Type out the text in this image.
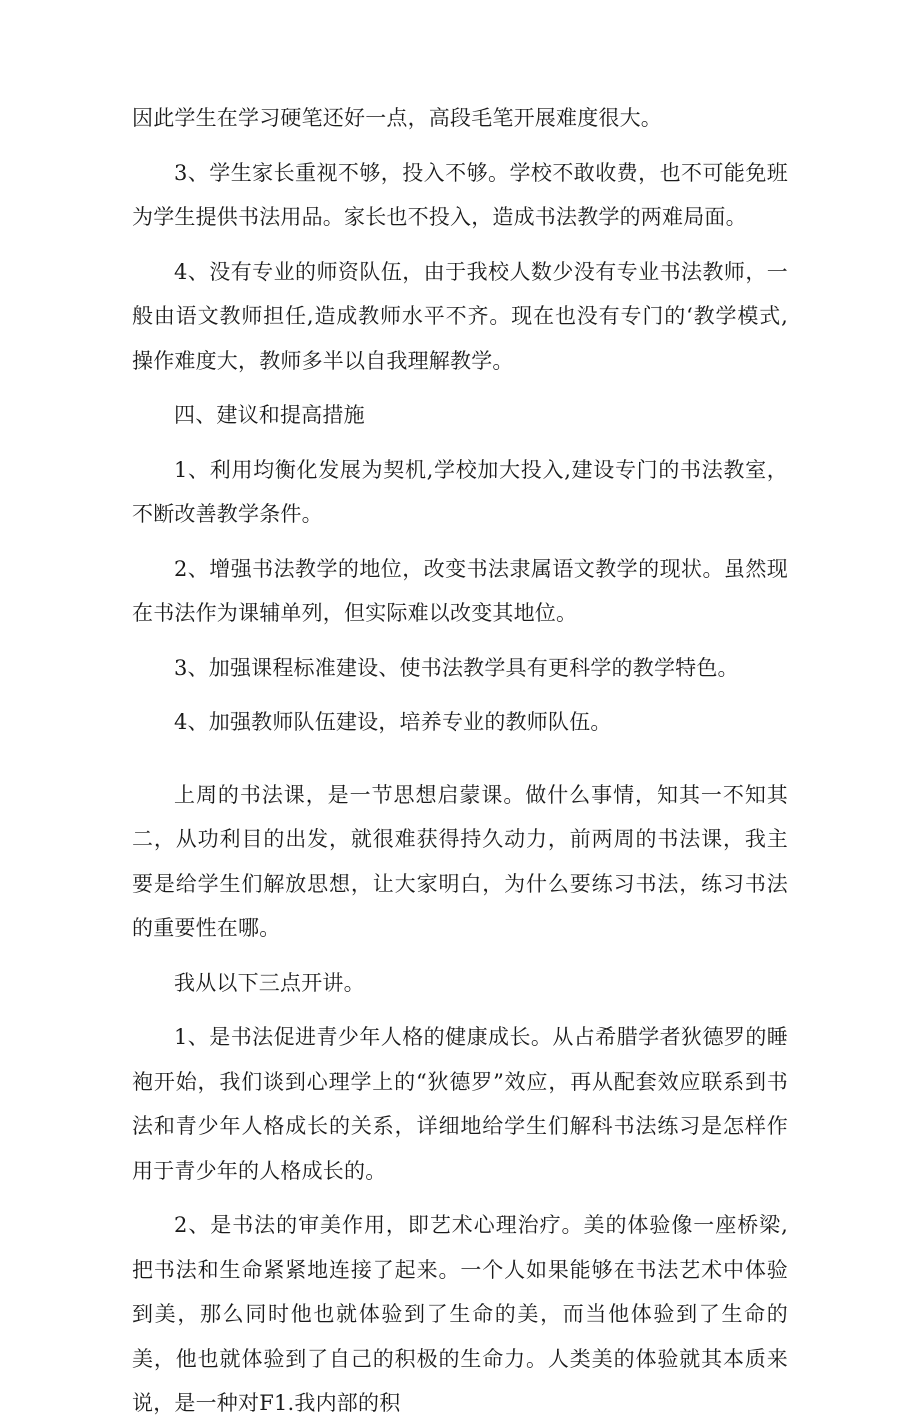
因此学生在学习硬笔还好一点，高段毛笔开展难度很大。

3、学生家长重视不够，投入不够。学校不敢收费，也不可能免班为学生提供书法用品。家长也不投入，造成书法教学的两难局面。

4、没有专业的师资队伍，由于我校人数少没有专业书法教师，一般由语文教师担任,造成教师水平不齐。现在也没有专门的‘教学模式,操作难度大，教师多半以自我理解教学。

四、建议和提高措施

1、利用均衡化发展为契机,学校加大投入,建设专门的书法教室，不断改善教学条件。

2、增强书法教学的地位，改变书法隶属语文教学的现状。虽然现在书法作为课辅单列，但实际难以改变其地位。

3、加强课程标准建设、使书法教学具有更科学的教学特色。

4、加强教师队伍建设，培养专业的教师队伍。

上周的书法课，是一节思想启蒙课。做什么事情，知其一不知其二，从功利目的出发，就很难获得持久动力，前两周的书法课，我主要是给学生们解放思想，让大家明白，为什么要练习书法，练习书法的重要性在哪。

我从以下三点开讲。

1、是书法促进青少年人格的健康成长。从占希腊学者狄德罗的睡袍开始，我们谈到心理学上的“狄德罗”效应，再从配套效应联系到书法和青少年人格成长的关系，详细地给学生们解科书法练习是怎样作用于青少年的人格成长的。

2、是书法的审美作用，即艺术心理治疗。美的体验像一座桥梁,把书法和生命紧紧地连接了起来。一个人如果能够在书法艺术中体验到美，那么同时他也就体验到了生命的美，而当他体验到了生命的美，他也就体验到了自己的积极的生命力。人类美的体验就其本质来说，是一种对F1.我内部的积
